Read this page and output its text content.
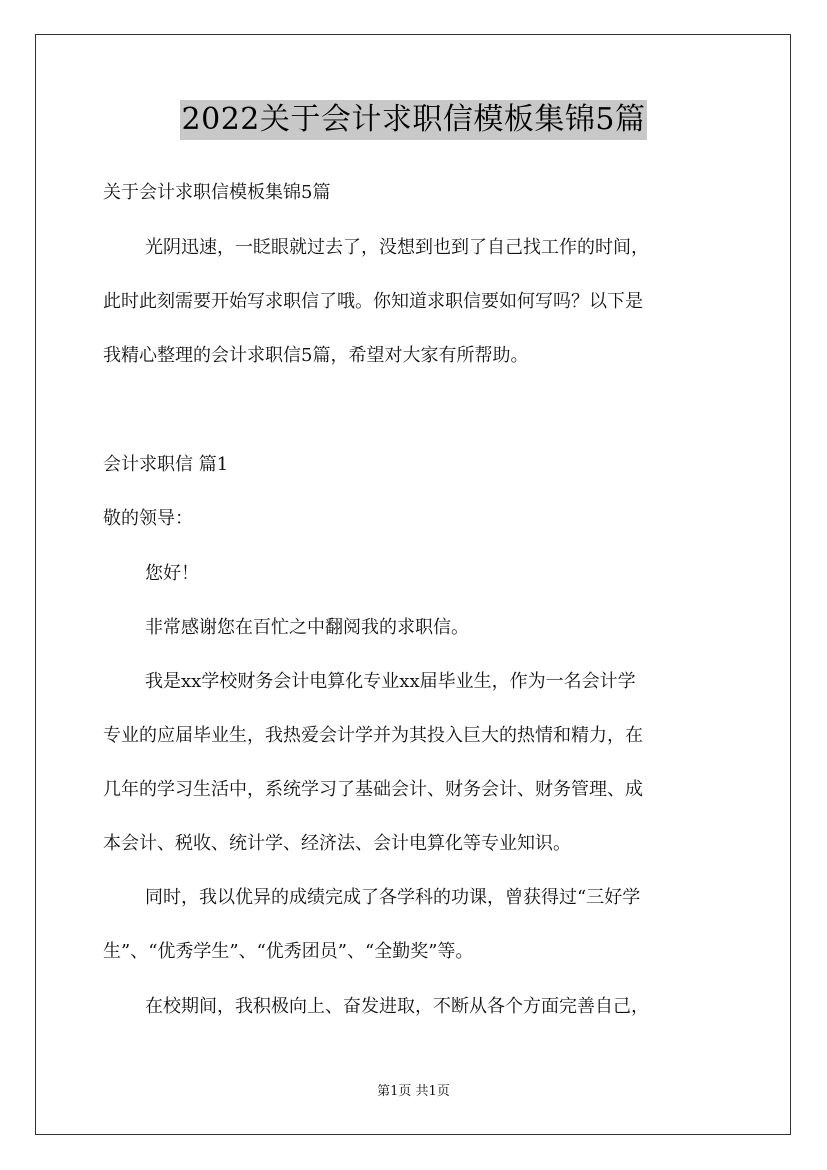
2022关于会计求职信模板集锦5篇
关于会计求职信模板集锦5篇
光阴迅速，一眨眼就过去了，没想到也到了自己找工作的时间，
此时此刻需要开始写求职信了哦。你知道求职信要如何写吗？以下是
我精心整理的会计求职信5篇，希望对大家有所帮助。
会计求职信 篇1
敬的领导：
您好！
非常感谢您在百忙之中翻阅我的求职信。
我是xx学校财务会计电算化专业xx届毕业生，作为一名会计学
专业的应届毕业生，我热爱会计学并为其投入巨大的热情和精力，在
几年的学习生活中，系统学习了基础会计、财务会计、财务管理、成
本会计、税收、统计学、经济法、会计电算化等专业知识。
同时，我以优异的成绩完成了各学科的功课，曾获得过“三好学
生”、“优秀学生”、“优秀团员”、“全勤奖”等。
在校期间，我积极向上、奋发进取，不断从各个方面完善自己，
第1页 共1页
